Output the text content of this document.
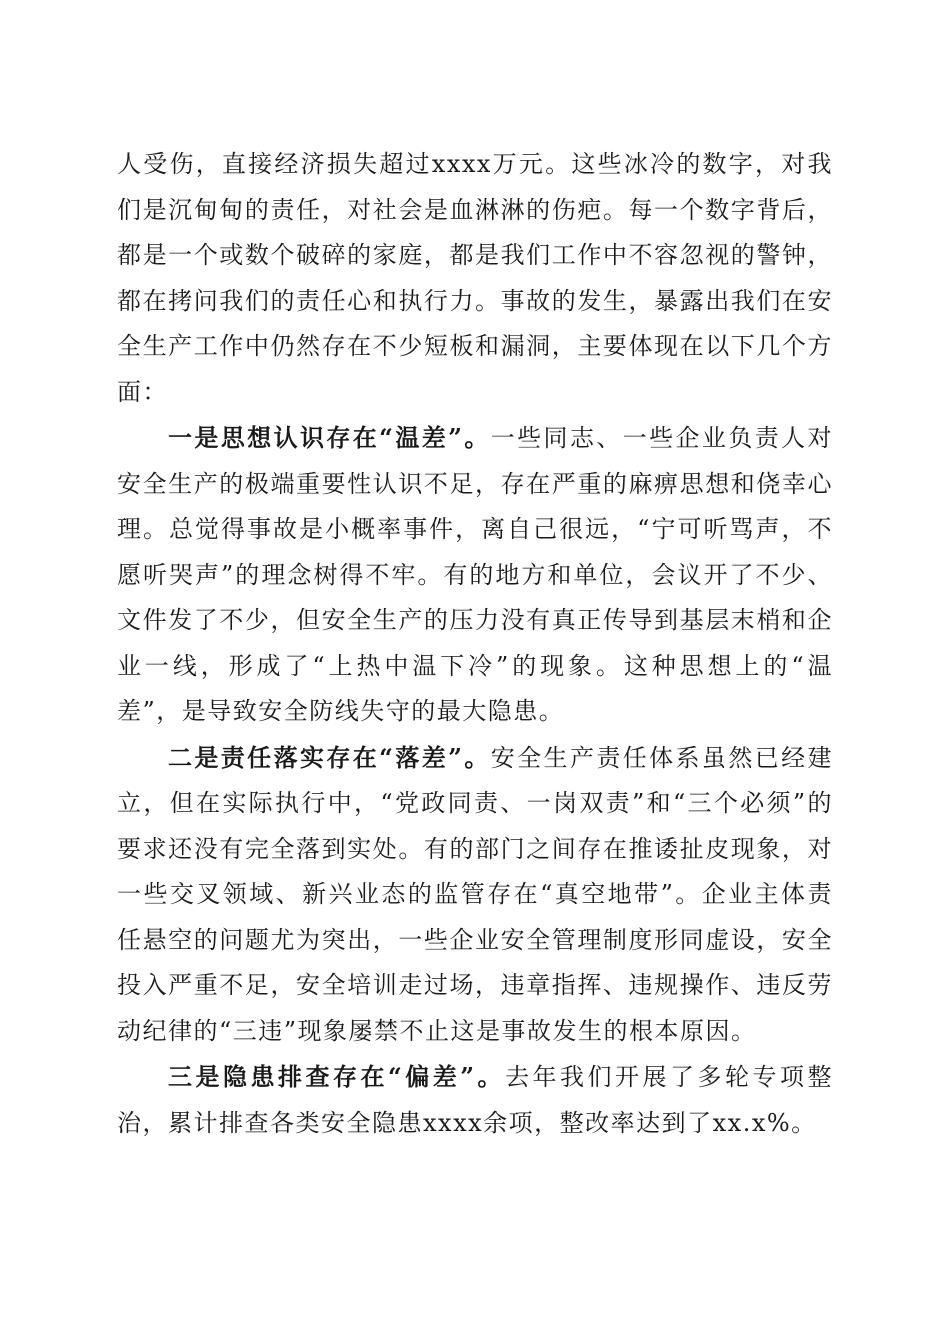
人受伤，直接经济损失超过xxxx万元。这些冰冷的数字，对我们是沉甸甸的责任，对社会是血淋淋的伤疤。每一个数字背后，都是一个或数个破碎的家庭，都是我们工作中不容忽视的警钟，都在拷问我们的责任心和执行力。事故的发生，暴露出我们在安全生产工作中仍然存在不少短板和漏洞，主要体现在以下几个方面：

一是思想认识存在“温差”。一些同志、一些企业负责人对安全生产的极端重要性认识不足，存在严重的麻痹思想和侥幸心理。总觉得事故是小概率事件，离自己很远，“宁可听骂声，不愿听哭声”的理念树得不牢。有的地方和单位，会议开了不少、文件发了不少，但安全生产的压力没有真正传导到基层末梢和企业一线，形成了“上热中温下冷”的现象。这种思想上的“温差”，是导致安全防线失守的最大隐患。

二是责任落实存在“落差”。安全生产责任体系虽然已经建立，但在实际执行中，“党政同责、一岗双责”和“三个必须”的要求还没有完全落到实处。有的部门之间存在推诿扯皮现象，对一些交叉领域、新兴业态的监管存在“真空地带”。企业主体责任悬空的问题尤为突出，一些企业安全管理制度形同虚设，安全投入严重不足，安全培训走过场，违章指挥、违规操作、违反劳动纪律的“三违”现象屡禁不止这是事故发生的根本原因。

三是隐患排查存在“偏差”。去年我们开展了多轮专项整治，累计排查各类安全隐患xxxx余项，整改率达到了xx.x%。
